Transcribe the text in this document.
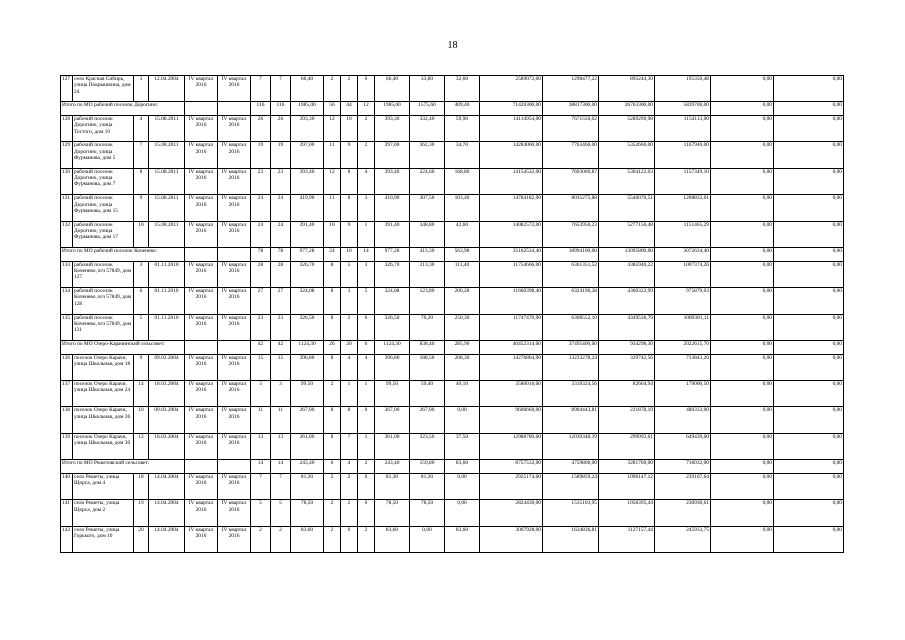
18
127	село Красная Сибирь, улица Покрышкина, дом 24	3	12.04.2004	IV квартал 2016	IV квартал 2016	7	7	66,40	2	2	0	66,40	33,80	32,60	2589072,00	1298477,22	895244,30	195350,48	0,00	0,00
Итого по МО рабочий поселок Дорогино:						116	116	1985,00	56	44	12	1985,00	1575,60	409,40	71420300,00	38817300,00	26763300,00	5839700,00	0,00	0,00
128	рабочий поселок Дорогино, улица Тостого, дом 10	4	15.08.2011	IV квартал 2016	IV квартал 2016	26	26	393,30	12	10	2	393,30	332,40	59,90	14114954,00	7671550,02	5289290,98	1154113,00	0,00	0,00
129	рабочий поселок Дорогино, улица Фурманова, дом 5	7	15.08.2011	IV квартал 2016	IV квартал 2016	19	19	397,00	11	9	2	397,00	362,30	34,70	14284060,00	7763460,00	5352660,00	1167940,00	0,00	0,00
130	рабочий поселок Дорогино, улица Фурманова, дом 7	8	15.08.2011	IV квартал 2016	IV квартал 2016	23	23	393,40	12	8	4	393,40	224,60	168,80	14154532,00	7693060,87	5304122,03	1157349,10	0,00	0,00
131	рабочий поселок Дорогино, улица Фурманова, дом 15	9	15.08.2011	IV квартал 2016	IV квартал 2016	24	24	410,90	11	8	3	410,90	307,50	103,40	14784182,00	8035275,88	5540070,51	1208832,61	0,00	0,00
132	рабочий поселок Дорогино, улица Фурманова, дом 17	10	15.08.2011	IV квартал 2016	IV квартал 2016	24	24	391,40	10	9	1	391,40	348,80	42,60	14082572,00	7653950,23	5277156,48	1151465,29	0,00	0,00
Итого по МО рабочий поселок Коченево:						78	78	977,28	24	10	14	977,28	413,30	563,98	35162534,40	18994100,00	13095800,00	3072634,40	0,00	0,00
133	рабочий поселок Коченево, в/ч 57849, дом 127	3	01.11.2010	IV квартал 2016	IV квартал 2016	28	28	326,70	8	5	3	326,70	213,30	113,40	11754666,00	6361351,52	4385940,22	1007374,26	0,00	0,00
134	рабочий поселок Коченево, в/ч 57849, дом 128	6	01.11.2010	IV квартал 2016	IV квартал 2016	27	27	324,08	8	3	5	324,08	123,80	200,28	11660398,40	6324196,38	4360322,99	975879,03	0,00	0,00
135	рабочий поселок Коченево, в/ч 57849, дом 131	5	01.11.2010	IV квартал 2016	IV квартал 2016	23	23	326,50	8	2	6	326,50	76,20	250,30	11747470,00	6308552,10	4349536,79	1089381,11	0,00	0,00
Итого по МО Озеро-Карачинский сельсовет:						42	42	1124,30	26	20	6	1124,30	838,40	285,90	40452314,00	37495400,00	934298,30	2022615,70	0,00	0,00
136	поселок Озеро Карачи, улица Школьная, дом 18	9	09.03.2004	IV квартал 2016	IV квартал 2016	15	15	396,80	8	4	4	396,80	188,50	208,30	14276864,00	13233278,24	329742,56	713843,20	0,00	0,00
137	поселок Озеро Карачи, улица Школьная, дом 24	14	18.03.2004	IV квартал 2016	IV квартал 2016	3	3	99,50	2	1	1	99,50	59,40	40,10	3580010,00	3318324,56	82664,94	179000,50	0,00	0,00
138	поселок Озеро Карачи, улица Школьная, дом 26	10	09.03.2004	IV квартал 2016	IV квартал 2016	11	11	267,00	8	8	0	267,00	267,00	0,00	9606660,00	8904443,81	221878,19	480333,00	0,00	0,00
139	поселок Озеро Карачи, улица Школьная, дом 30	12	16.03.2004	IV квартал 2016	IV квартал 2016	13	13	361,00	8	7	1	361,00	323,50	37,50	12988780,00	12039348,39	299993,61	649439,00	0,00	0,00
Итого по МО Решетовский сельсовет:						14	14	243,40	6	4	2	243,40	159,80	83,60	8757532,00	4759800,00	3281700,00	716032,00	0,00	0,00
140	село Решеты, улица Щорса, дом 4	18	14.04.2004	IV квартал 2016	IV квартал 2016	7	7	81,30	2	2	0	81,30	81,30	0,00	2925174,00	1589859,24	1096147,12	239167,64	0,00	0,00
141	село Решеты, улица Щорса, дом 2	19	14.04.2004	IV квартал 2016	IV квартал 2016	5	5	78,50	2	2	0	78,50	78,50	0,00	2824430,00	1535103,95	1058395,44	230930,61	0,00	0,00
142	село Решеты, улица Горького, дом 10	20	14.04.2004	IV квартал 2016	IV квартал 2016	2	2	83,60	2	0	2	83,60	0,00	83,60	3007928,00	1634836,81	1127157,44	245933,75	0,00	0,00
